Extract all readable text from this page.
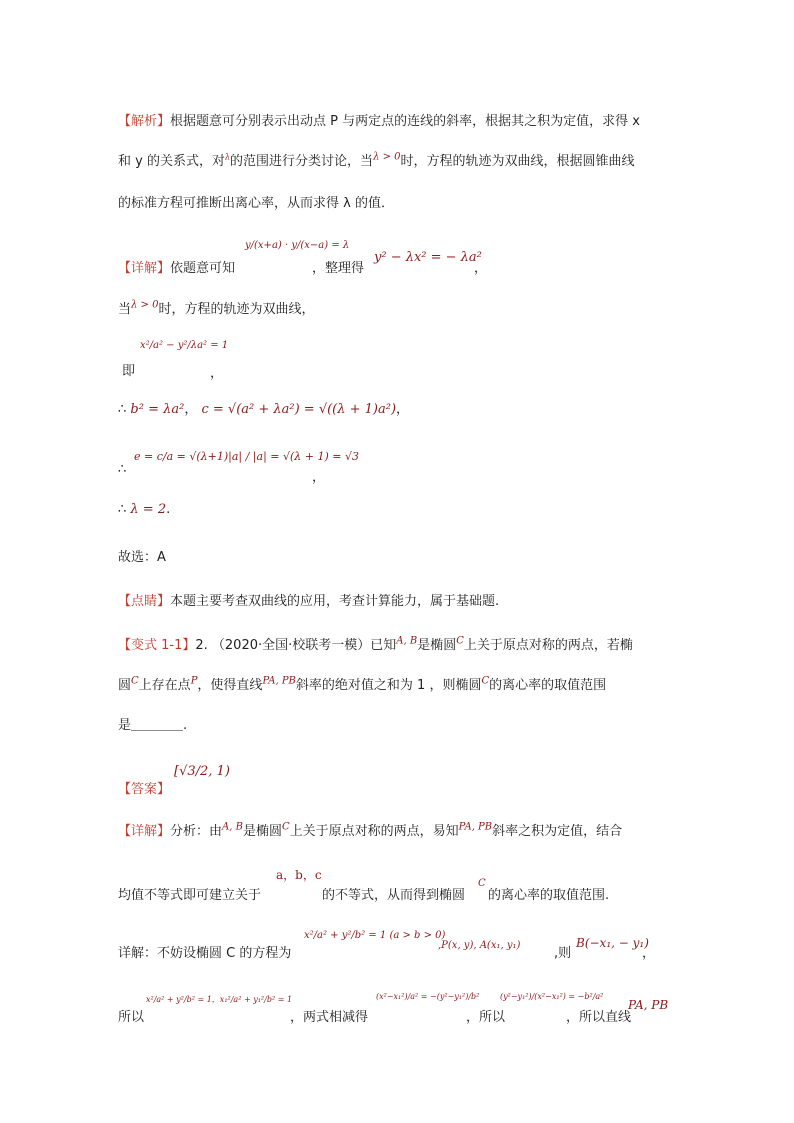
【解析】根据题意可分别表示出动点 P 与两定点的连线的斜率，根据其之积为定值，求得 x
和 y 的关系式，对$^\lambda$的范围进行分类讨论，当$^{\lambda > 0}$时，方程的轨迹为双曲线，根据圆锥曲线
的标准方程可推断出离心率，从而求得 λ 的值．
【详解】 依题意可知
y/(x+a) · y/(x−a) = λ
，整理得
y² − λx² = − λa²
，
当$^{\lambda > 0}$时，方程的轨迹为双曲线，
x²/a² − y²/λa² = 1
即	，
∴ b² = λa²， c = √(a² + λa²) = √((λ + 1)a²)，
∴
e = c/a = √(λ+1)|a| / |a| = √(λ + 1) = √3
，
∴ λ = 2.
故选：A
【点睛】本题主要考查双曲线的应用，考查计算能力，属于基础题.
【变式 1-1】2. （2020·全国·校联考一模）已知$^{A, B}$是椭圆$^C$上关于原点对称的两点，若椭
圆$^C$上存在点$^P$，使得直线$^{PA, PB}$斜率的绝对值之和为 1 ，则椭圆$^C$的离心率的取值范围
是＿＿＿＿.
【答案】
[√3/2, 1)
【详解】分析：由$^{A, B}$是椭圆$^C$上关于原点对称的两点，易知$^{PA, PB}$斜率之积为定值，结合
a，b，c
均值不等式即可建立关于	的不等式，从而得到椭圆
C
的离心率的取值范围.
详解：不妨设椭圆 C 的方程为
x²/a² + y²/b² = 1 (a > b > 0)
,P(x, y), A(x₁, y₁)
,则
B(−x₁, − y₁)
，
所以
x²/a² + y²/b² = 1，x₁²/a² + y₁²/b² = 1
，两式相减得
(x²−x₁²)/a² = −(y²−y₁²)/b²
，所以
(y²−y₁²)/(x²−x₁²) = −b²/a²
，所以直线
PA, PB
